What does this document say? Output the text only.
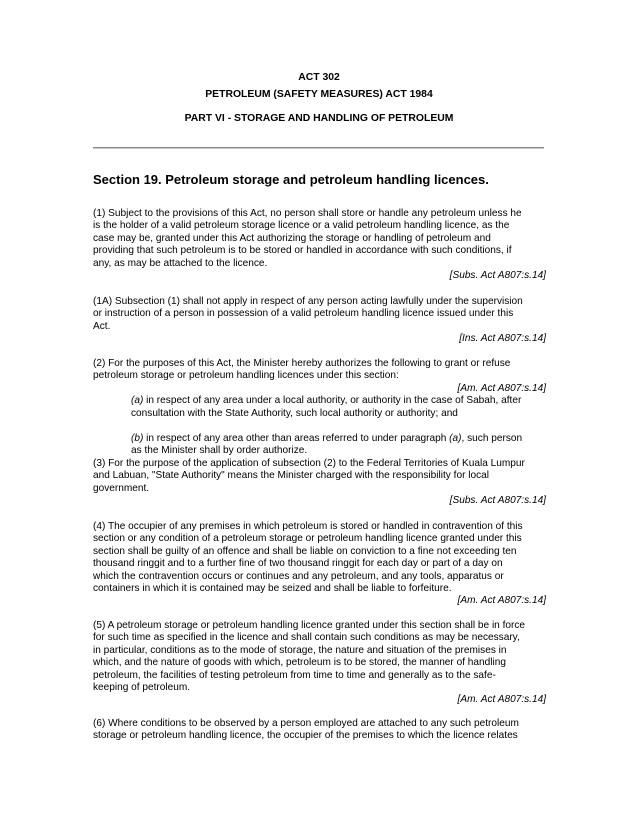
ACT 302
PETROLEUM (SAFETY MEASURES) ACT 1984
PART VI - STORAGE AND HANDLING OF PETROLEUM
Section 19. Petroleum storage and petroleum handling licences.
(1) Subject to the provisions of this Act, no person shall store or handle any petroleum unless he
is the holder of a valid petroleum storage licence or a valid petroleum handling licence, as the
case may be, granted under this Act authorizing the storage or handling of petroleum and
providing that such petroleum is to be stored or handled in accordance with such conditions, if
any, as may be attached to the licence.
[Subs. Act A807:s.14]
(1A) Subsection (1) shall not apply in respect of any person acting lawfully under the supervision
or instruction of a person in possession of a valid petroleum handling licence issued under this
Act.
[Ins. Act A807:s.14]
(2) For the purposes of this Act, the Minister hereby authorizes the following to grant or refuse
petroleum storage or petroleum handling licences under this section:
[Am. Act A807:s.14]
(a) in respect of any area under a local authority, or authority in the case of Sabah, after
consultation with the State Authority, such local authority or authority; and
(b) in respect of any area other than areas referred to under paragraph (a), such person
as the Minister shall by order authorize.
(3) For the purpose of the application of subsection (2) to the Federal Territories of Kuala Lumpur
and Labuan, "State Authority" means the Minister charged with the responsibility for local
government.
[Subs. Act A807:s.14]
(4) The occupier of any premises in which petroleum is stored or handled in contravention of this
section or any condition of a petroleum storage or petroleum handling licence granted under this
section shall be guilty of an offence and shall be liable on conviction to a fine not exceeding ten
thousand ringgit and to a further fine of two thousand ringgit for each day or part of a day on
which the contravention occurs or continues and any petroleum, and any tools, apparatus or
containers in which it is contained may be seized and shall be liable to forfeiture.
[Am. Act A807:s.14]
(5) A petroleum storage or petroleum handling licence granted under this section shall be in force
for such time as specified in the licence and shall contain such conditions as may be necessary,
in particular, conditions as to the mode of storage, the nature and situation of the premises in
which, and the nature of goods with which, petroleum is to be stored, the manner of handling
petroleum, the facilities of testing petroleum from time to time and generally as to the safe-
keeping of petroleum.
[Am. Act A807:s.14]
(6) Where conditions to be observed by a person employed are attached to any such petroleum
storage or petroleum handling licence, the occupier of the premises to which the licence relates
